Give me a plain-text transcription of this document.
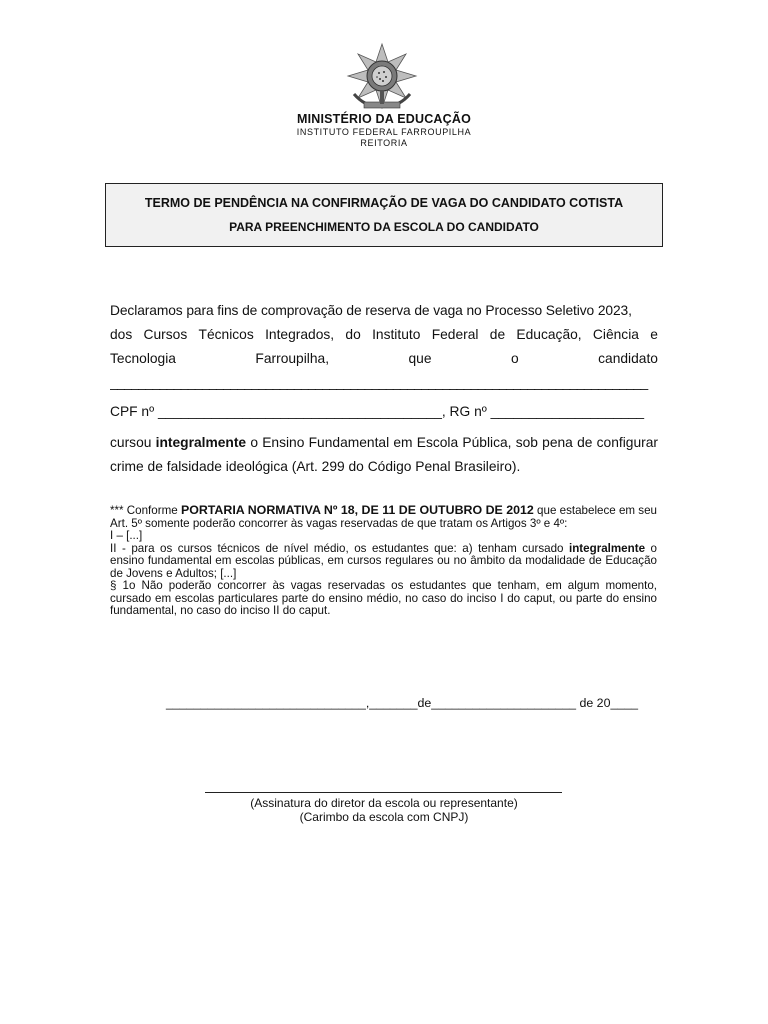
MINISTÉRIO DA EDUCAÇÃO
INSTITUTO FEDERAL FARROUPILHA
REITORIA
TERMO DE PENDÊNCIA NA CONFIRMAÇÃO DE VAGA DO CANDIDATO COTISTA
PARA PREENCHIMENTO DA ESCOLA DO CANDIDATO
Declaramos para fins de comprovação de reserva de vaga no Processo Seletivo 2023,
dos Cursos Técnicos Integrados, do Instituto Federal de Educação, Ciência e
Tecnologia	Farroupilha,	que	o	candidato
____________________________________________________________________________
CPF nº _____________________________________, RG nº ____________________
cursou integralmente o Ensino Fundamental em Escola Pública, sob pena de configurar crime de falsidade ideológica (Art. 299 do Código Penal Brasileiro).
*** Conforme PORTARIA NORMATIVA Nº 18, DE 11 DE OUTUBRO DE 2012 que estabelece em seu Art. 5º somente poderão concorrer às vagas reservadas de que tratam os Artigos 3º e 4º:
I – [...]
II - para os cursos técnicos de nível médio, os estudantes que: a) tenham cursado integralmente o ensino fundamental em escolas públicas, em cursos regulares ou no âmbito da modalidade de Educação de Jovens e Adultos; [...]
§ 1o Não poderão concorrer às vagas reservadas os estudantes que tenham, em algum momento, cursado em escolas particulares parte do ensino médio, no caso do inciso I do caput, ou parte do ensino fundamental, no caso do inciso II do caput.
_____________________________,_______de_____________________ de 20____
(Assinatura do diretor da escola ou representante)
(Carimbo da escola com CNPJ)
